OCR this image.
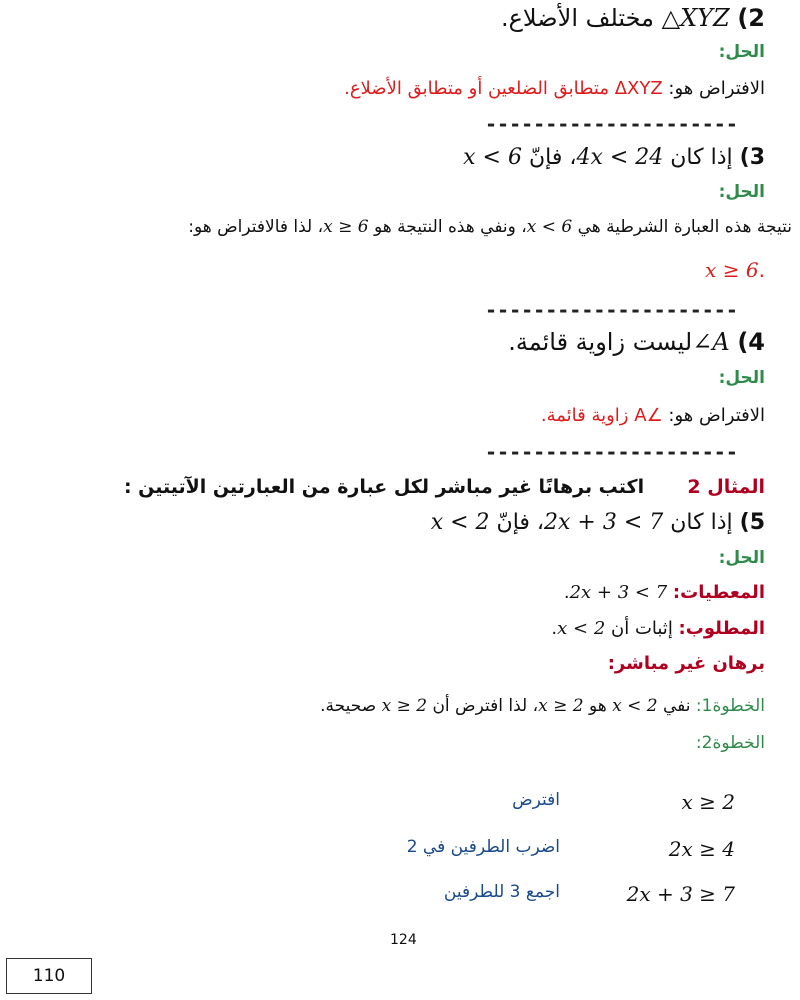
2) △XYZ مختلف الأضلاع.
الحل:
الافتراض هو: ΔXYZ متطابق الضلعين أو متطابق الأضلاع.
---------------------
3) إذا كان 4x < 24، فإنّ x < 6
الحل:
نتيجة هذه العبارة الشرطية هي x < 6، ونفي هذه النتيجة هو x ≥ 6، لذا فالافتراض هو:
.x ≥ 6
---------------------
4) ∠Aليست زاوية قائمة.
الحل:
الافتراض هو: ∠A زاوية قائمة.
---------------------
المثال 2  اكتب برهانًا غير مباشر لكل عبارة من العبارتين الآتيتين :
5) إذا كان 2x + 3 < 7، فإنّ x < 2
الحل:
المعطيات: 2x + 3 < 7.
المطلوب: إثبات أن x < 2.
برهان غير مباشر:
الخطوة1: نفي x < 2 هو x ≥ 2، لذا افترض أن x ≥ 2 صحيحة.
الخطوة2:
x ≥ 2
افترض
2x ≥ 4
اضرب الطرفين في 2
2x + 3 ≥ 7
اجمع 3 للطرفين
124
110
